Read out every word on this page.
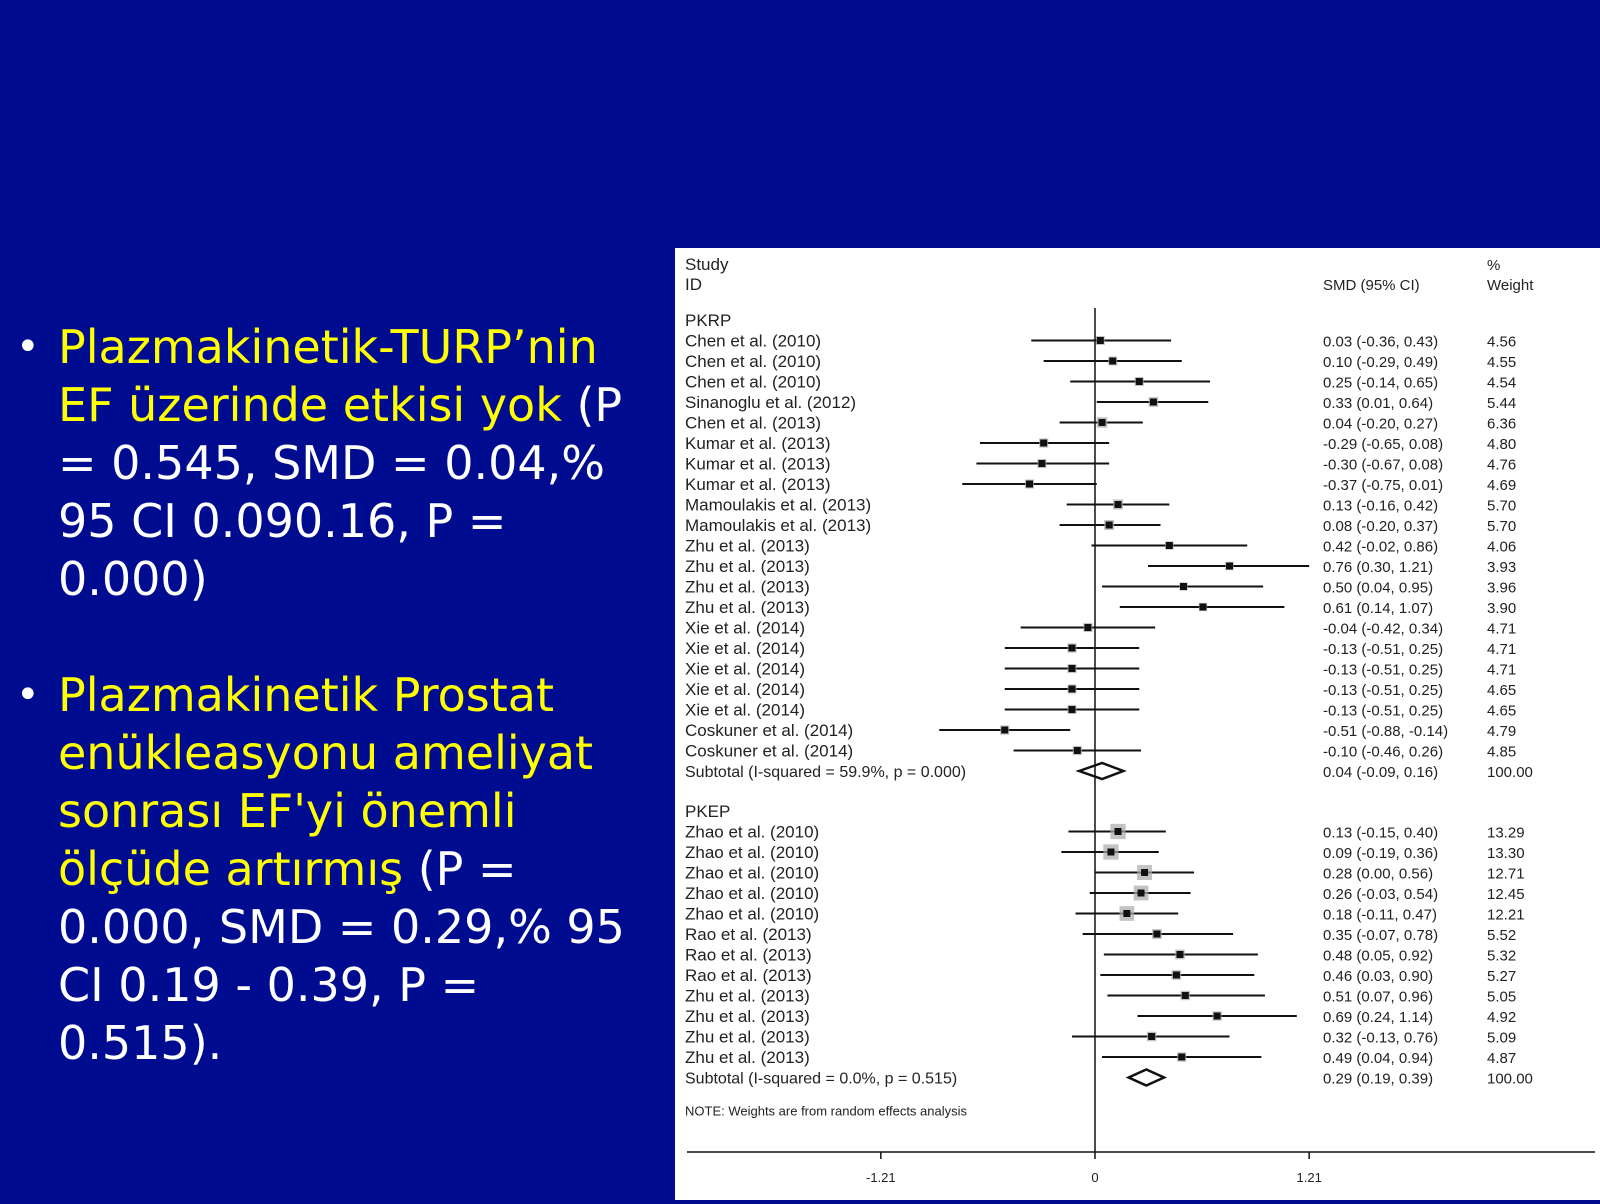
• Plazmakinetik-TURP’nin EF üzerinde etkisi yok (P = 0.545, SMD = 0.04,% 95 CI 0.090.16, P = 0.000)
• Plazmakinetik Prostat enükleasyonu ameliyat sonrası EF'yi önemli ölçüde artırmış (P = 0.000, SMD = 0.29,% 95 CI 0.19 - 0.39, P = 0.515).
Study
ID	SMD (95% CI)
%
Weight
PKRP
Chen et al. (2010)	0.03 (-0.36, 0.43)	4.56
Chen et al. (2010)	0.10 (-0.29, 0.49)	4.55
Chen et al. (2010)	0.25 (-0.14, 0.65)	4.54
Sinanoglu et al. (2012)	0.33 (0.01, 0.64)	5.44
Chen et al. (2013)	0.04 (-0.20, 0.27)	6.36
Kumar et al. (2013)	-0.29 (-0.65, 0.08)	4.80
Kumar et al. (2013)	-0.30 (-0.67, 0.08)	4.76
Kumar et al. (2013)	-0.37 (-0.75, 0.01)	4.69
Mamoulakis et al. (2013)	0.13 (-0.16, 0.42)	5.70
Mamoulakis et al. (2013)	0.08 (-0.20, 0.37)	5.70
Zhu et al. (2013)	0.42 (-0.02, 0.86)	4.06
Zhu et al. (2013)	0.76 (0.30, 1.21)	3.93
Zhu et al. (2013)	0.50 (0.04, 0.95)	3.96
Zhu et al. (2013)	0.61 (0.14, 1.07)	3.90
Xie et al. (2014)	-0.04 (-0.42, 0.34)	4.71
Xie et al. (2014)	-0.13 (-0.51, 0.25)	4.71
Xie et al. (2014)	-0.13 (-0.51, 0.25)	4.71
Xie et al. (2014)	-0.13 (-0.51, 0.25)	4.65
Xie et al. (2014)	-0.13 (-0.51, 0.25)	4.65
Coskuner et al. (2014)	-0.51 (-0.88, -0.14)	4.79
Coskuner et al. (2014)	-0.10 (-0.46, 0.26)	4.85
Subtotal (I-squared = 59.9%, p = 0.000)	0.04 (-0.09, 0.16)	100.00
PKEP
Zhao et al. (2010)	0.13 (-0.15, 0.40)	13.29
Zhao et al. (2010)	0.09 (-0.19, 0.36)	13.30
Zhao et al. (2010)	0.28 (0.00, 0.56)	12.71
Zhao et al. (2010)	0.26 (-0.03, 0.54)	12.45
Zhao et al. (2010)	0.18 (-0.11, 0.47)	12.21
Rao et al. (2013)	0.35 (-0.07, 0.78)	5.52
Rao et al. (2013)	0.48 (0.05, 0.92)	5.32
Rao et al. (2013)	0.46 (0.03, 0.90)	5.27
Zhu et al. (2013)	0.51 (0.07, 0.96)	5.05
Zhu et al. (2013)	0.69 (0.24, 1.14)	4.92
Zhu et al. (2013)	0.32 (-0.13, 0.76)	5.09
Zhu et al. (2013)	0.49 (0.04, 0.94)	4.87
Subtotal (I-squared = 0.0%, p = 0.515)	0.29 (0.19, 0.39)	100.00
NOTE: Weights are from random effects analysis
-1.21	0	1.21
